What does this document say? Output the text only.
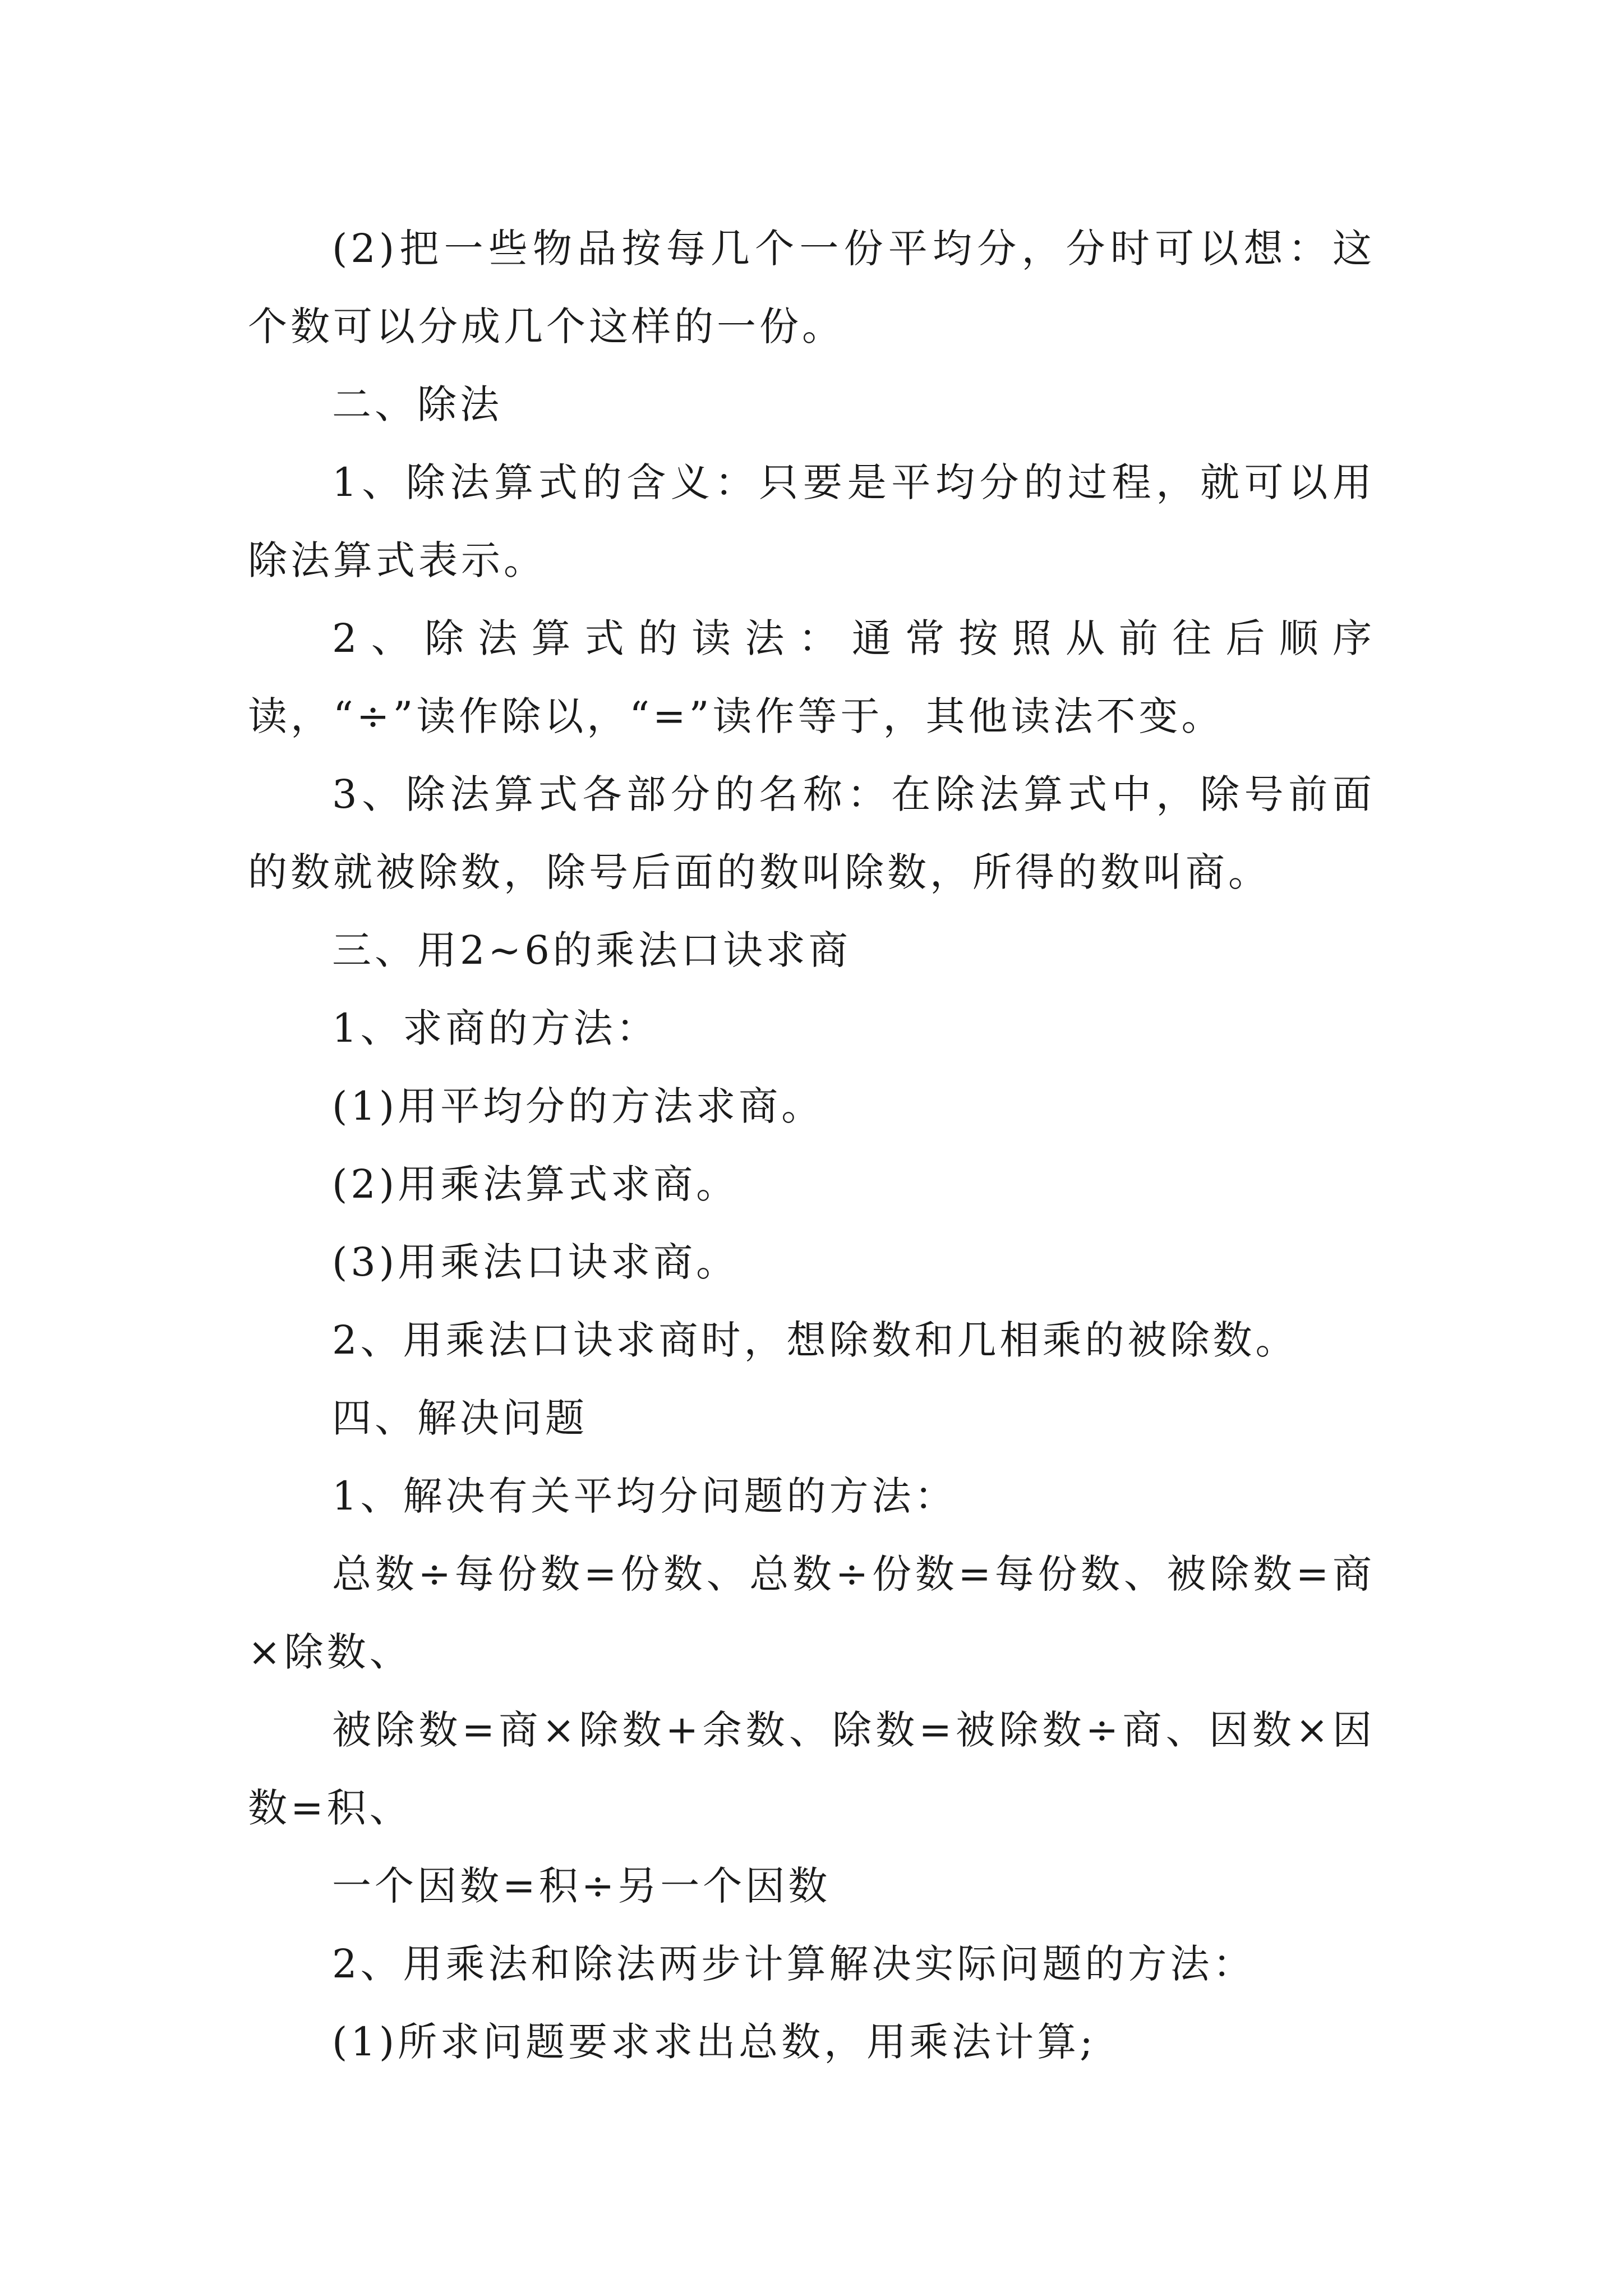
(2)把一些物品按每几个一份平均分，分时可以想：这个数可以分成几个这样的一份。

二、除法

1、除法算式的含义：只要是平均分的过程，就可以用除法算式表示。

2、除法算式的读法：通常按照从前往后顺序读，“÷”读作除以，“=”读作等于，其他读法不变。

3、除法算式各部分的名称：在除法算式中，除号前面的数就被除数，除号后面的数叫除数，所得的数叫商。

三、用2~6的乘法口诀求商

1、求商的方法：

(1)用平均分的方法求商。

(2)用乘法算式求商。

(3)用乘法口诀求商。

2、用乘法口诀求商时，想除数和几相乘的被除数。

四、解决问题

1、解决有关平均分问题的方法：

总数÷每份数=份数、总数÷份数=每份数、被除数=商×除数、

被除数=商×除数+余数、除数=被除数÷商、因数×因数=积、

一个因数=积÷另一个因数

2、用乘法和除法两步计算解决实际问题的方法：

(1)所求问题要求求出总数，用乘法计算;
